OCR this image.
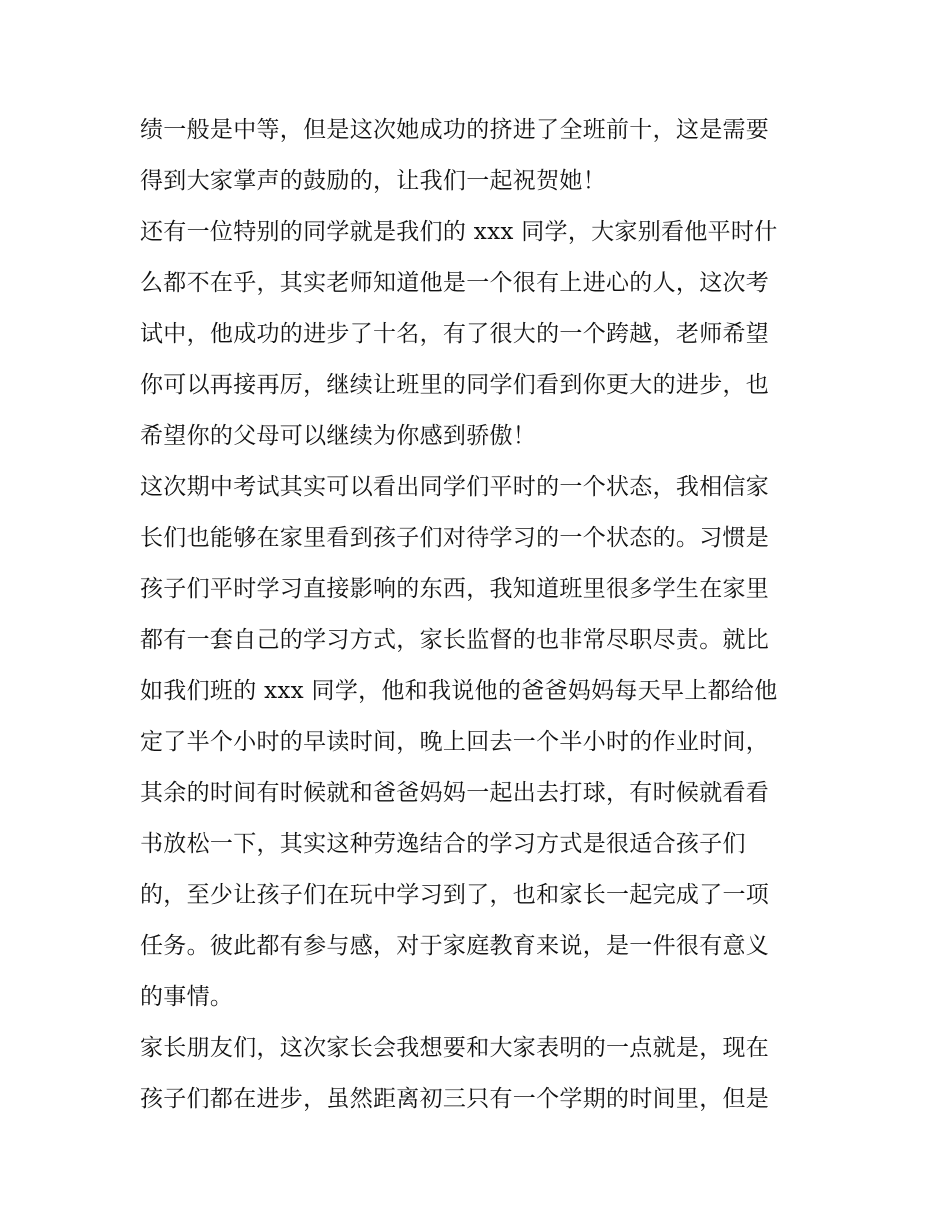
绩一般是中等，但是这次她成功的挤进了全班前十，这是需要
得到大家掌声的鼓励的，让我们一起祝贺她！
还有一位特别的同学就是我们的 xxx 同学，大家别看他平时什
么都不在乎，其实老师知道他是一个很有上进心的人，这次考
试中，他成功的进步了十名，有了很大的一个跨越，老师希望
你可以再接再厉，继续让班里的同学们看到你更大的进步，也
希望你的父母可以继续为你感到骄傲！
这次期中考试其实可以看出同学们平时的一个状态，我相信家
长们也能够在家里看到孩子们对待学习的一个状态的。习惯是
孩子们平时学习直接影响的东西，我知道班里很多学生在家里
都有一套自己的学习方式，家长监督的也非常尽职尽责。就比
如我们班的 xxx 同学，他和我说他的爸爸妈妈每天早上都给他
定了半个小时的早读时间，晚上回去一个半小时的作业时间，
其余的时间有时候就和爸爸妈妈一起出去打球，有时候就看看
书放松一下，其实这种劳逸结合的学习方式是很适合孩子们
的，至少让孩子们在玩中学习到了，也和家长一起完成了一项
任务。彼此都有参与感，对于家庭教育来说，是一件很有意义
的事情。
家长朋友们，这次家长会我想要和大家表明的一点就是，现在
孩子们都在进步，虽然距离初三只有一个学期的时间里，但是
